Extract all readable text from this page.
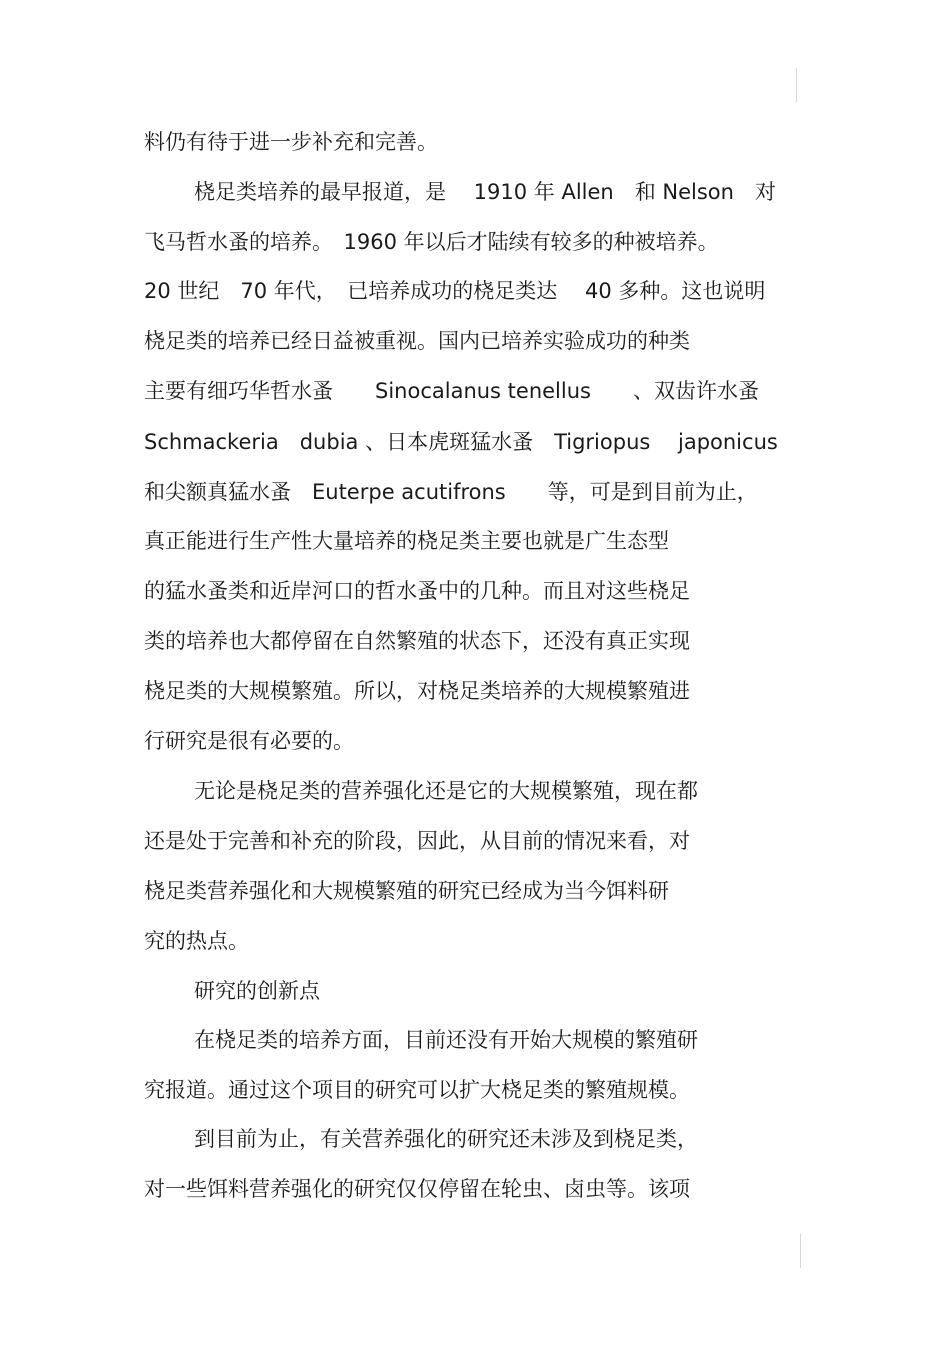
料仍有待于进一步补充和完善。
桡足类培养的最早报道，是　 1910 年 Allen　和 Nelson　对
飞马哲水蚤的培养。　1960 年以后才陆续有较多的种被培养。
20 世纪　70 年代，　已培养成功的桡足类达　 40 多种。这也说明
桡足类的培养已经日益被重视。国内已培养实验成功的种类
主要有细巧华哲水蚤　　Sinocalanus tenellus　　、双齿许水蚤
Schmackeria　dubia 、日本虎斑猛水蚤　Tigriopus　 japonicus
和尖额真猛水蚤　Euterpe acutifrons　　等，可是到目前为止，
真正能进行生产性大量培养的桡足类主要也就是广生态型
的猛水蚤类和近岸河口的哲水蚤中的几种。而且对这些桡足
类的培养也大都停留在自然繁殖的状态下，还没有真正实现
桡足类的大规模繁殖。所以，对桡足类培养的大规模繁殖进
行研究是很有必要的。
无论是桡足类的营养强化还是它的大规模繁殖，现在都
还是处于完善和补充的阶段，因此，从目前的情况来看，对
桡足类营养强化和大规模繁殖的研究已经成为当今饵料研
究的热点。
研究的创新点
在桡足类的培养方面，目前还没有开始大规模的繁殖研
究报道。通过这个项目的研究可以扩大桡足类的繁殖规模。
到目前为止，有关营养强化的研究还未涉及到桡足类，
对一些饵料营养强化的研究仅仅停留在轮虫、卤虫等。该项
